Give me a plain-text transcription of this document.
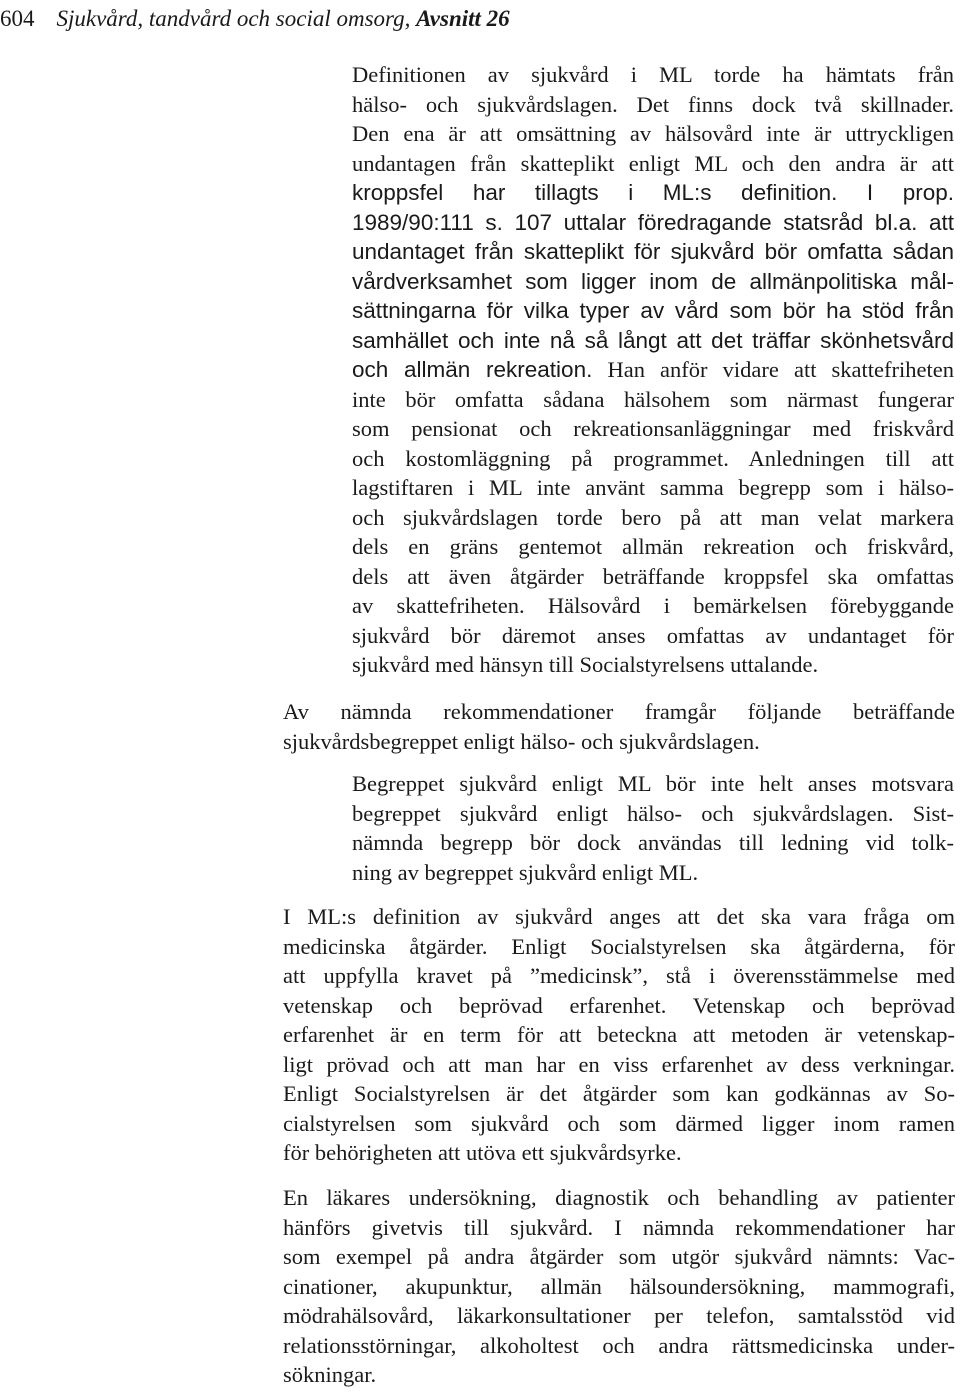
604 Sjukvård, tandvård och social omsorg, Avsnitt 26
Definitionen av sjukvård i ML torde ha hämtats från
hälso- och sjukvårdslagen. Det finns dock två skillnader.
Den ena är att omsättning av hälsovård inte är uttryckligen
undantagen från skatteplikt enligt ML och den andra är att
kroppsfel har tillagts i ML:s definition. I prop.
1989/90:111 s. 107 uttalar föredragande statsråd bl.a. att
undantaget från skatteplikt för sjukvård bör omfatta sådan
vårdverksamhet som ligger inom de allmänpolitiska mål-
sättningarna för vilka typer av vård som bör ha stöd från
samhället och inte nå så långt att det träffar skönhetsvård
och allmän rekreation. Han anför vidare att skattefriheten
inte bör omfatta sådana hälsohem som närmast fungerar
som pensionat och rekreationsanläggningar med friskvård
och kostomläggning på programmet. Anledningen till att
lagstiftaren i ML inte använt samma begrepp som i hälso-
och sjukvårdslagen torde bero på att man velat markera
dels en gräns gentemot allmän rekreation och friskvård,
dels att även åtgärder beträffande kroppsfel ska omfattas
av skattefriheten. Hälsovård i bemärkelsen förebyggande
sjukvård bör däremot anses omfattas av undantaget för
sjukvård med hänsyn till Socialstyrelsens uttalande.
Av nämnda rekommendationer framgår följande beträffande
sjukvårdsbegreppet enligt hälso- och sjukvårdslagen.
Begreppet sjukvård enligt ML bör inte helt anses motsvara
begreppet sjukvård enligt hälso- och sjukvårdslagen. Sist-
nämnda begrepp bör dock användas till ledning vid tolk-
ning av begreppet sjukvård enligt ML.
I ML:s definition av sjukvård anges att det ska vara fråga om
medicinska åtgärder. Enligt Socialstyrelsen ska åtgärderna, för
att uppfylla kravet på ”medicinsk”, stå i överensstämmelse med
vetenskap och beprövad erfarenhet. Vetenskap och beprövad
erfarenhet är en term för att beteckna att metoden är vetenskap-
ligt prövad och att man har en viss erfarenhet av dess verkningar.
Enligt Socialstyrelsen är det åtgärder som kan godkännas av So-
cialstyrelsen som sjukvård och som därmed ligger inom ramen
för behörigheten att utöva ett sjukvårdsyrke.
En läkares undersökning, diagnostik och behandling av patienter
hänförs givetvis till sjukvård. I nämnda rekommendationer har
som exempel på andra åtgärder som utgör sjukvård nämnts: Vac-
cinationer, akupunktur, allmän hälsoundersökning, mammografi,
mödrahälsovård, läkarkonsultationer per telefon, samtalsstöd vid
relationsstörningar, alkoholtest och andra rättsmedicinska under-
sökningar.
